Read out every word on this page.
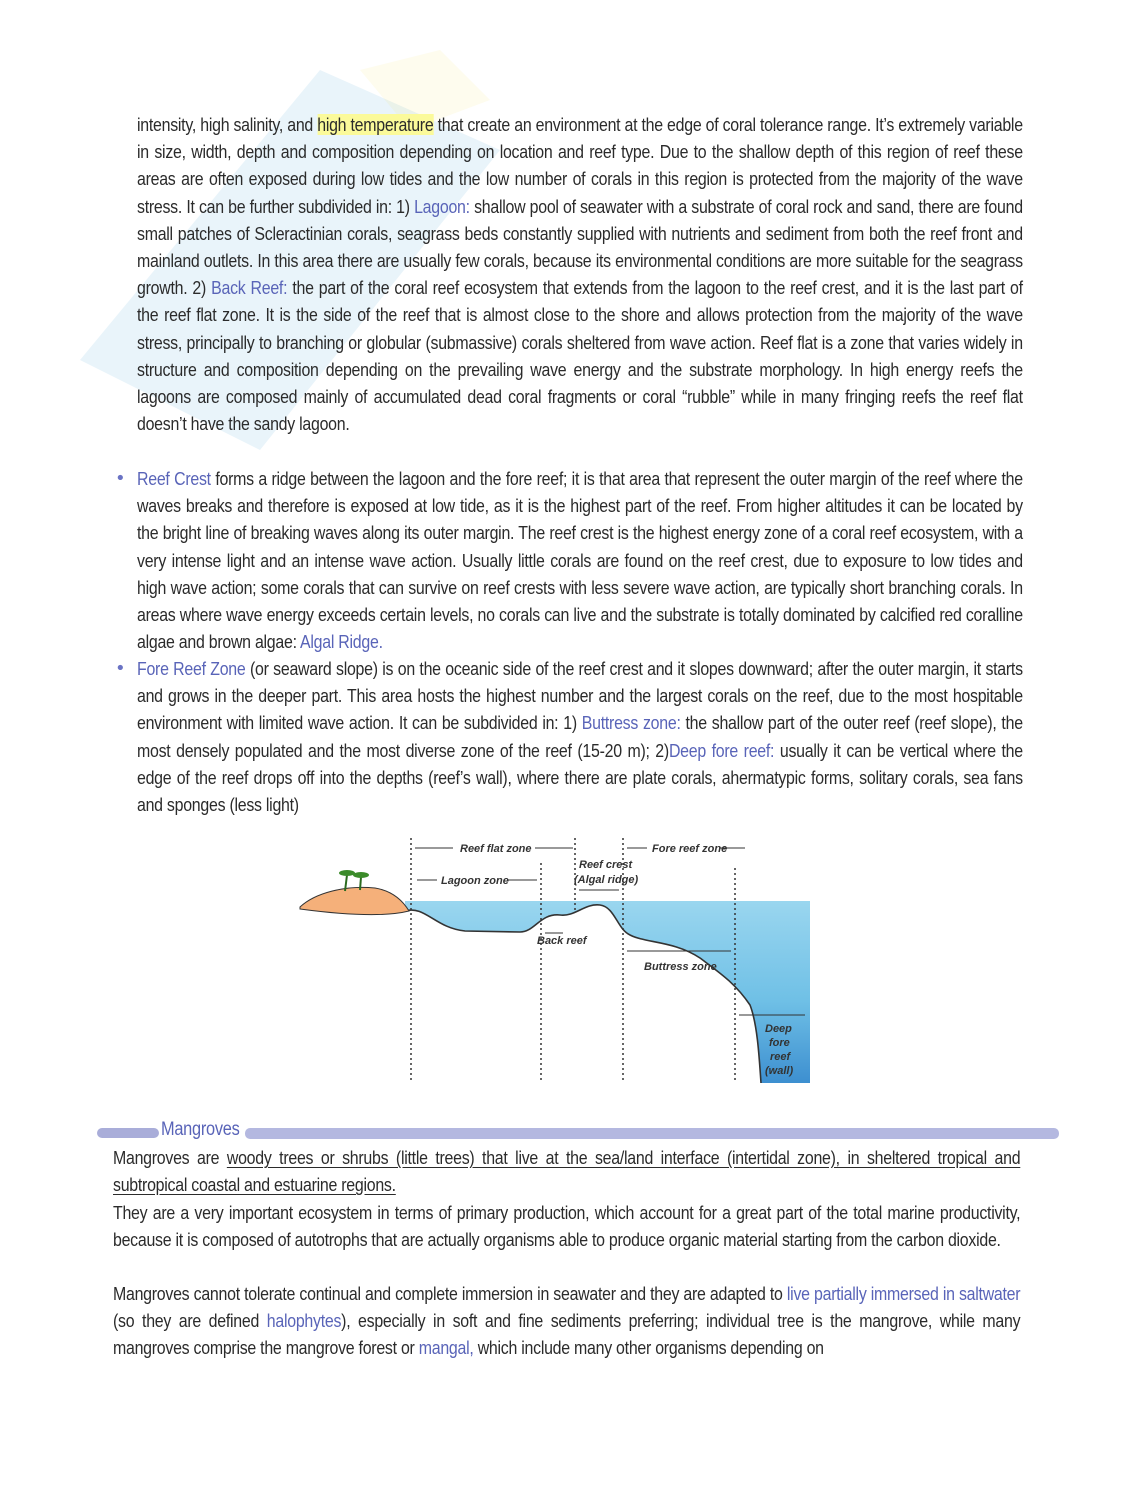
intensity, high salinity, and high temperature that create an environment at the edge of coral tolerance range. It’s extremely variable in size, width, depth and composition depending on location and reef type. Due to the shallow depth of this region of reef these areas are often exposed during low tides and the low number of corals in this region is protected from the majority of the wave stress. It can be further subdivided in: 1) Lagoon: shallow pool of seawater with a substrate of coral rock and sand, there are found small patches of Scleractinian corals, seagrass beds constantly supplied with nutrients and sediment from both the reef front and mainland outlets. In this area there are usually few corals, because its environmental conditions are more suitable for the seagrass growth. 2) Back Reef: the part of the coral reef ecosystem that extends from the lagoon to the reef crest, and it is the last part of the reef flat zone. It is the side of the reef that is almost close to the shore and allows protection from the majority of the wave stress, principally to branching or globular (submassive) corals sheltered from wave action. Reef flat is a zone that varies widely in structure and composition depending on the prevailing wave energy and the substrate morphology. In high energy reefs the lagoons are composed mainly of accumulated dead coral fragments or coral “rubble” while in many fringing reefs the reef flat doesn’t have the sandy lagoon.

• Reef Crest forms a ridge between the lagoon and the fore reef; it is that area that represent the outer margin of the reef where the waves breaks and therefore is exposed at low tide, as it is the highest part of the reef. From higher altitudes it can be located by the bright line of breaking waves along its outer margin. The reef crest is the highest energy zone of a coral reef ecosystem, with a very intense light and an intense wave action. Usually little corals are found on the reef crest, due to exposure to low tides and high wave action; some corals that can survive on reef crests with less severe wave action, are typically short branching corals. In areas where wave energy exceeds certain levels, no corals can live and the substrate is totally dominated by calcified red coralline algae and brown algae: Algal Ridge.

• Fore Reef Zone (or seaward slope) is on the oceanic side of the reef crest and it slopes downward; after the outer margin, it starts and grows in the deeper part. This area hosts the highest number and the largest corals on the reef, due to the most hospitable environment with limited wave action. It can be subdivided in: 1) Buttress zone: the shallow part of the outer reef (reef slope), the most densely populated and the most diverse zone of the reef (15-20 m); 2)Deep fore reef: usually it can be vertical where the edge of the reef drops off into the depths (reef’s wall), where there are plate corals, ahermatypic forms, solitary corals, sea fans and sponges (less light)

Reef flat zone	Fore reef zone
Reef crest
(Algal ridge)
Lagoon zone
Back reef
Buttress zone
Deep
fore
reef
(wall)
Mangroves

Mangroves are woody trees or shrubs (little trees) that live at the sea/land interface (intertidal zone), in sheltered tropical and subtropical coastal and estuarine regions.

They are a very important ecosystem in terms of primary production, which account for a great part of the total marine productivity, because it is composed of autotrophs that are actually organisms able to produce organic material starting from the carbon dioxide.

Mangroves cannot tolerate continual and complete immersion in seawater and they are adapted to live partially immersed in saltwater (so they are defined halophytes), especially in soft and fine sediments preferring; individual tree is the mangrove, while many mangroves comprise the mangrove forest or mangal, which include many other organisms depending on
